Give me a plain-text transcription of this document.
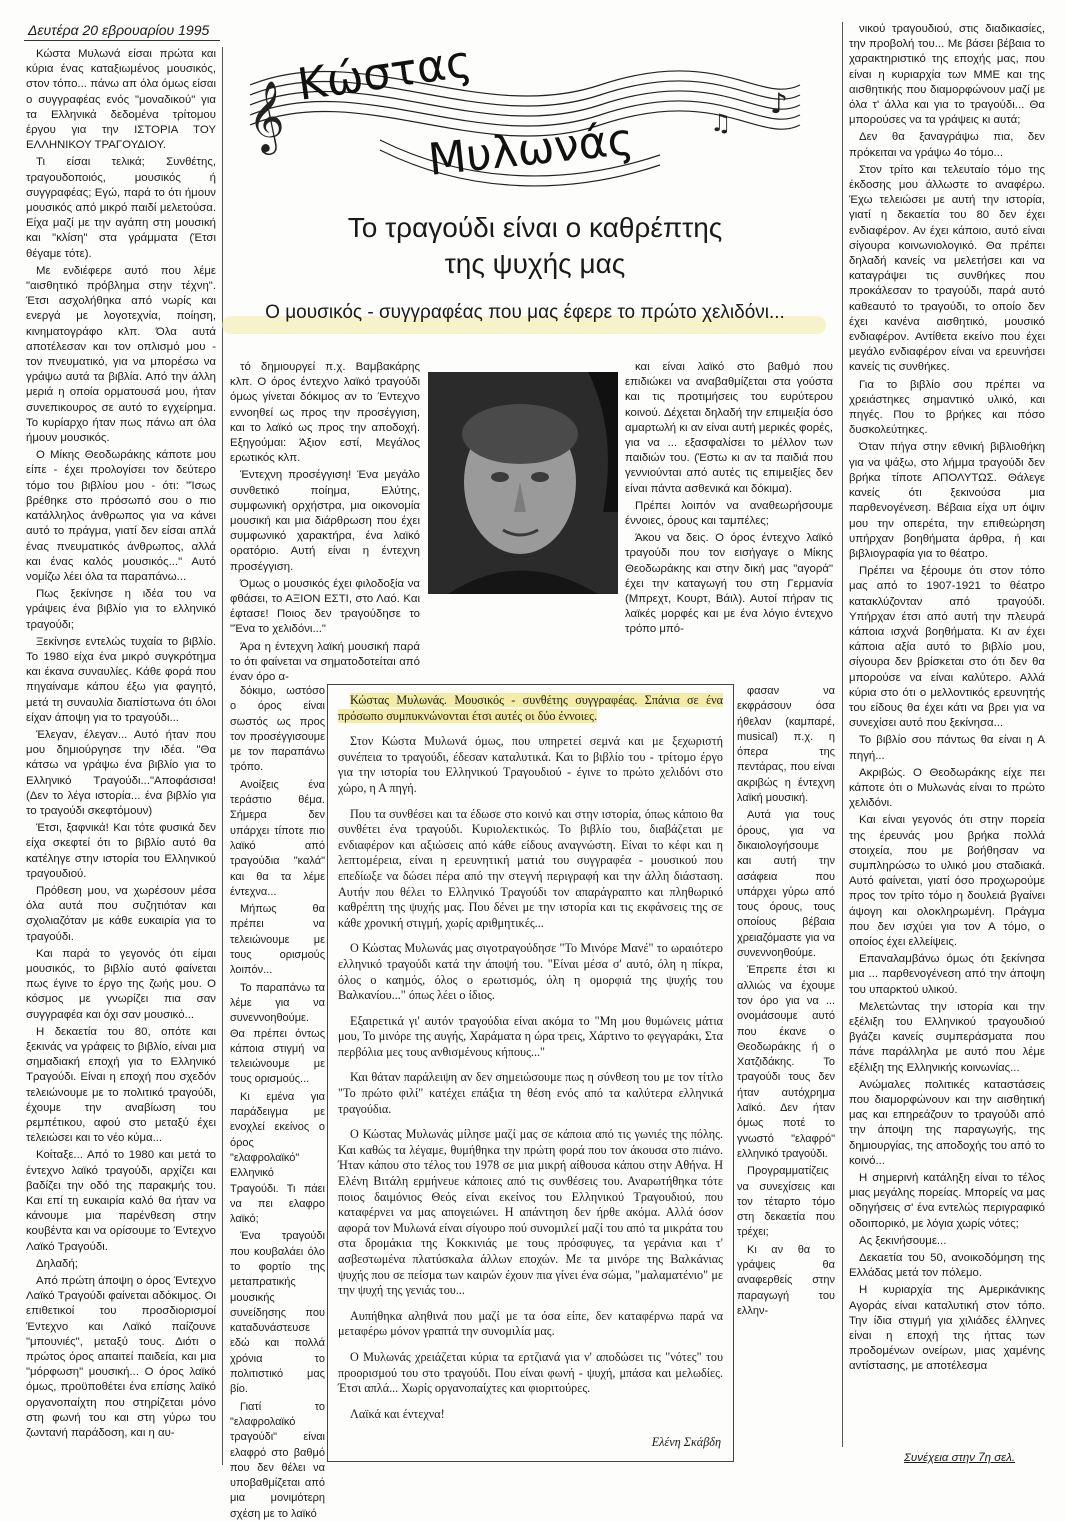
Δευτέρα 20 εβρουαρίου 1995

Κώστα Μυλωνά είσαι πρώτα και κύρια ένας καταξιωμένος μουσικός, στον τόπο... πάνω απ όλα όμως είσαι ο συγγραφέας ενός "μοναδικού" για τα Ελληνικά δεδομένα τρίτομου έργου για την ΙΣΤΟΡΙΑ ΤΟΥ ΕΛΛΗΝΙΚΟΥ ΤΡΑΓΟΥΔΙΟΥ.

Τι είσαι τελικά; Συνθέτης, τραγουδοποιός, μουσικός ή συγγραφέας; Εγώ, παρά το ότι ήμουν μουσικός από μικρό παιδί μελετούσα. Είχα μαζί με την αγάπη στη μουσική και "κλίση" στα γράμματα (Έτσι θέγαμε τότε).

Με ενδιέφερε αυτό που λέμε "αισθητικό πρόβλημα στην τέχνη". Έτσι ασχολήθηκα από νωρίς και ενεργά με λογοτεχνία, ποίηση, κινηματογράφο κλπ. Όλα αυτά αποτέλεσαν και τον οπλισμό μου - τον πνευματικό, για να μπορέσω να γράψω αυτά τα βιβλία. Από την άλλη μεριά η οποία ορματουσά μου, ήταν συνεπικουρος σε αυτό το εγχείρημα. Το κυρίαρχο ήταν πως πάνω απ όλα ήμουν μουσικός.

Ο Μίκης Θεοδωράκης κάποτε μου είπε - έχει προλογίσει τον δεύτερο τόμο του βιβλίου μου - ότι: "Ίσως βρέθηκε στο πρόσωπό σου ο πιο κατάλληλος άνθρωπος για να κάνει αυτό το πράγμα, γιατί δεν είσαι απλά ένας πνευματικός άνθρωπος, αλλά και ένας καλός μουσικός..." Αυτό νομίζω λέει όλα τα παραπάνω...

Πως ξεκίνησε η ιδέα του να γράψεις ένα βιβλίο για το ελληνικό τραγούδι;

Ξεκίνησε εντελώς τυχαία το βιβλίο. Το 1980 είχα ένα μικρό συγκρότημα και έκανα συναυλίες. Κάθε φορά που πηγαίναμε κάπου έξω για φαγητό, μετά τη συναυλία διαπίστωνα ότι όλοι είχαν άποψη για το τραγούδι...

Έλεγαν, έλεγαν... Αυτό ήταν που μου δημιούργησε την ιδέα. "Θα κάτσω να γράψω ένα βιβλίο για το Ελληνικό Τραγούδι..."Αποφάσισα! (Δεν το λέγα ιστορία... ένα βιβλίο για το τραγούδι σκεφτόμουν)

Έτσι, ξαφνικά! Και τότε φυσικά δεν είχα σκεφτεί ότι το βιβλίο αυτό θα κατέληγε στην ιστορία του Ελληνικού τραγουδιού.

Πρόθεση μου, να χωρέσουν μέσα όλα αυτά που συζητιόταν και σχολιαζόταν με κάθε ευκαιρία για το τραγούδι.

Και παρά το γεγονός ότι είμαι μουσικός, το βιβλίο αυτό φαίνεται πως έγινε το έργο της ζωής μου. Ο κόσμος με γνωρίζει πια σαν συγγραφέα και όχι σαν μουσικό...

Η δεκαετία του 80, οπότε και ξεκινάς να γράφεις το βιβλίο, είναι μια σημαδιακή εποχή για το Ελληνικό Τραγούδι. Είναι η εποχή που σχεδόν τελειώνουμε με το πολιτικό τραγούδι, έχουμε την αναβίωση του ρεμπέτικου, αφού στο μεταξύ έχει τελειώσει και το νέο κύμα...

Κοίταξε... Από το 1980 και μετά το έντεχνο λαϊκό τραγούδι, αρχίζει και βαδίζει την οδό της παρακμής του. Και επί τη ευκαιρία καλό θα ήταν να κάνουμε μια παρένθεση στην κουβέντα και να ορίσουμε το Έντεχνο Λαϊκό Τραγούδι.

Δηλαδή;

Από πρώτη άποψη ο όρος Έντεχνο Λαϊκό Τραγούδι φαίνεται αδόκιμος. Οι επιθετικοί του προσδιορισμοί Έντεχνο και Λαϊκό παίζουνε "μπουνιές", μεταξύ τους. Διότι ο πρώτος όρος απαιτεί παιδεία, και μια "μόρφωση" μουσική... Ο όρος λαϊκό όμως, προϋποθέτει ένα επίσης λαϊκό οργανοπαίχτη που στηρίζεται μόνο στη φωνή του και στη γύρω του ζωντανή παράδοση, και η αυ-

𝄞	♪
♫
Κώστας
Μυλωνάς
Το τραγούδι είναι ο καθρέπτης
της ψυχής μας
Ο μουσικός - συγγραφέας που μας έφερε το πρώτο χελιδόνι...

τό δημιουργεί π.χ. Βαμβακάρης κλπ. Ο όρος έντεχνο λαϊκό τραγούδι όμως γίνεται δόκιμος αν το Έντεχνο εννοηθεί ως προς την προσέγγιση, και το λαϊκό ως προς την αποδοχή. Εξηγούμαι: Άξιον εστί, Μεγάλος ερωτικός κλπ.

Έντεχνη προσέγγιση! Ένα μεγάλο συνθετικό ποίημα, Ελύτης, συμφωνική ορχήστρα, μια οικονομία μουσική και μια διάρθρωση που έχει συμφωνικό χαρακτήρα, ένα λαϊκό ορατόριο. Αυτή είναι η έντεχνη προσέγγιση.

Όμως ο μουσικός έχει φιλοδοξία να φθάσει, το ΑΞΙΟΝ ΕΣΤΙ, στο Λαό. Και έφτασε! Ποιος δεν τραγούδησε το "Ένα το χελιδόνι..."

Άρα η έντεχνη λαϊκή μουσική παρά το ότι φαίνεται να σηματοδοτείται από έναν όρο α-

και είναι λαϊκό στο βαθμό που επιδιώκει να αναβαθμίζεται στα γούστα και τις προτιμήσεις του ευρύτερου κοινού. Δέχεται δηλαδή την επιμειξία όσο αμαρτωλή κι αν είναι αυτή μερικές φορές, για να ... εξασφαλίσει το μέλλον των παιδιών του. (Έστω κι αν τα παιδιά που γεννιούνται από αυτές τις επιμειξίες δεν είναι πάντα ασθενικά και δόκιμα).

Πρέπει λοιπόν να αναθεωρήσουμε έννοιες, όρους και ταμπέλες;

Άκου να δεις. Ο όρος έντεχνο λαϊκό τραγούδι που τον εισήγαγε ο Μίκης Θεοδωράκης και στην δική μας "αγορά" έχει την καταγωγή του στη Γερμανία (Μπρεχτ, Κουρτ, Βάιλ). Αυτοί πήραν τις λαϊκές μορφές και με ένα λόγιο έντεχνο τρόπο μπό-

δόκιμο, ωστόσο ο όρος είναι σωστός ως προς τον προσέγγισουμε με τον παραπάνω τρόπο.

Ανοίξεις ένα τεράστιο θέμα. Σήμερα δεν υπάρχει τίποτε πιο λαϊκό από τραγούδια "καλά" και θα τα λέμε έντεχνα...

Μήπως θα πρέπει να τελειώνουμε με τους ορισμούς λοιπόν...

Το παραπάνω τα λέμε για να συνεννοηθούμε. Θα πρέπει όντως κάποια στιγμή να τελειώνουμε με τους ορισμούς...

Κι εμένα για παράδειγμα με ενοχλεί εκείνος ο όρος "ελαφρολαϊκό" Ελληνικό Τραγούδι. Τι πάει να πει ελαφρο λαϊκό;

Ένα τραγούδι που κουβαλάει όλο το φορτίο της μεταπρατικής μουσικής συνείδησης που καταδυνάστευσε εδώ και πολλά χρόνια το πολιτιστικό μας βίο.

Γιατί το "ελαφρολαϊκό τραγούδι" είναι ελαφρό στο βαθμό που δεν θέλει να υποβαθμίζεται από μια μονιμότερη σχέση με το λαϊκό

Κώστας Μυλωνάς. Μουσικός - συνθέτης συγγραφέας. Σπάνια σε ένα πρόσωπο συμπυκνώνονται έτσι αυτές οι δύο έννοιες.

Στον Κώστα Μυλωνά όμως, που υπηρετεί σεμνά και με ξεχωριστή συνέπεια το τραγούδι, έδεσαν καταλυτικά. Και το βιβλίο του - τρίτομο έργο για την ιστορία του Ελληνικού Τραγουδιού - έγινε το πρώτο χελιδόνι στο χώρο, η Α πηγή.

Που τα συνθέσει και τα έδωσε στο κοινό και στην ιστορία, όπως κάποιο θα συνθέτει ένα τραγούδι. Κυριολεκτικώς. Το βιβλίο του, διαβάζεται με ενδιαφέρον και αξιώσεις από κάθε είδους αναγνώστη. Είναι το κέφι και η λεπτομέρεια, είναι η ερευνητική ματιά του συγγραφέα - μουσικού που επεδίωξε να δώσει πέρα από την στεγνή περιγραφή και την άλλη διάσταση. Αυτήν που θέλει το Ελληνικό Τραγούδι τον απαράγραπτο και πληθωρικό καθρέπτη της ψυχής μας. Που δένει με την ιστορία και τις εκφάνσεις της σε κάθε χρονική στιγμή, χωρίς αριθμητικές...

Ο Κώστας Μυλωνάς μας σιγοτραγούδησε "Το Μινόρε Μανέ" το ωραιότερο ελληνικό τραγούδι κατά την άποψή του. "Είναι μέσα σ' αυτό, όλη η πίκρα, όλος ο καημός, όλος ο ερωτισμός, όλη η ομορφιά της ψυχής του Βαλκανίου..." όπως λέει ο ίδιος.

Εξαιρετικά γι' αυτόν τραγούδια είναι ακόμα το "Μη μου θυμώνεις μάτια μου, Το μινόρε της αυγής, Χαράματα η ώρα τρεις, Χάρτινο το φεγγαράκι, Στα περβόλια μες τους ανθισμένους κήπους..."

Και θάταν παράλειψη αν δεν σημειώσουμε πως η σύνθεση του με τον τίτλο "Το πρώτο φιλί" κατέχει επάξια τη θέση ενός από τα καλύτερα ελληνικά τραγούδια.

Ο Κώστας Μυλωνάς μίλησε μαζί μας σε κάποια από τις γωνιές της πόλης. Και καθώς τα λέγαμε, θυμήθηκα την πρώτη φορά που τον άκουσα στο πιάνο. Ήταν κάπου στο τέλος του 1978 σε μια μικρή αίθουσα κάπου στην Αθήνα. Η Ελένη Βιτάλη ερμήνευε κάποιες από τις συνθέσεις του. Αναρωτήθηκα τότε ποιος δαιμόνιος Θεός είναι εκείνος του Ελληνικού Τραγουδιού, που καταφέρνει να μας απογειώνει. Η απάντηση δεν ήρθε ακόμα. Αλλά όσον αφορά τον Μυλωνά είναι σίγουρο πού συνομιλεί μαζί του από τα μικράτα του στα δρομάκια της Κοκκινιάς με τους πρόσφυγες, τα γεράνια και τ' ασβεστωμένα πλατύσκαλα άλλων εποχών. Με τα μινόρε της Βαλκάνιας ψυχής που σε πείσμα των καιρών έχουν πια γίνει ένα σώμα, "μαλαματένιο" με την ψυχή της γενιάς του...

Αυπήθηκα αληθινά που μαζί με τα όσα είπε, δεν καταφέρνω παρά να μεταφέρω μόνον γραπτά την συνομιλία μας.

Ο Μυλωνάς χρειάζεται κύρια τα ερτζιανά για ν' αποδώσει τις "νότες" του προορισμού του στο τραγούδι. Που είναι φωνή - ψυχή, μπάσα και μελωδίες. Έτσι απλά... Χωρίς οργανοπαίχτες και φιοριτούρες.

Λαϊκά και έντεχνα!

Ελένη Σκάβδη

φασαν να εκφράσουν όσα ήθελαν (καμπαρέ, musical) π.χ. η όπερα της πεντάρας, που είναι ακριβώς η έντεχνη λαϊκή μουσική.

Αυτά για τους όρους, για να δικαιολογήσουμε και αυτή την ασάφεια που υπάρχει γύρω από τους όρους, τους οποίους βέβαια χρειαζόμαστε για να συνεννοηθούμε.

Έπρεπε έτσι κι αλλιώς να έχουμε τον όρο για να ... ονομάσουμε αυτό που έκανε ο Θεοδωράκης ή ο Χατζιδάκης. Το τραγούδι τους δεν ήταν αυτόχρημα λαϊκό. Δεν ήταν όμως ποτέ το γνωστό "ελαφρό" ελληνικό τραγούδι.

Προγραμματίζεις να συνεχίσεις και τον τέταρτο τόμο στη δεκαετία που τρέχει;

Κι αν θα το γράψεις θα αναφερθείς στην παραγωγή του ελλην-

νικού τραγουδιού, στις διαδικασίες, την προβολή του... Με βάσει βέβαια το χαρακτηριστικό της εποχής μας, που είναι η κυριαρχία των ΜΜΕ και της αισθητικής που διαμορφώνουν μαζί με όλα τ' άλλα και για το τραγούδι... Θα μπορούσες να τα γράψεις κι αυτά;

Δεν θα ξαναγράψω πια, δεν πρόκειται να γράψω 4ο τόμο...

Στον τρίτο και τελευταίο τόμο της έκδοσης μου άλλωστε το αναφέρω. Έχω τελειώσει με αυτή την ιστορία, γιατί η δεκαετία του 80 δεν έχει ενδιαφέρον. Αν έχει κάποιο, αυτό είναι σίγουρα κοινωνιολογικό. Θα πρέπει δηλαδή κανείς να μελετήσει και να καταγράψει τις συνθήκες που προκάλεσαν το τραγούδι, παρά αυτό καθεαυτό το τραγούδι, το οποίο δεν έχει κανένα αισθητικό, μουσικό ενδιαφέρον. Αντίθετα εκείνο που έχει μεγάλο ενδιαφέρον είναι να ερευνήσει κανείς τις συνθήκες.

Για το βιβλίο σου πρέπει να χρειάστηκες σημαντικό υλικό, και πηγές. Που το βρήκες και πόσο δυσκολεύτηκες.

Όταν πήγα στην εθνική βιβλιοθήκη για να ψάξω, στο λήμμα τραγούδι δεν βρήκα τίποτε ΑΠΟΛΥΤΩΣ. Θάλεγε κανείς ότι ξεκινούσα μια παρθενογένεση. Βέβαια είχα υπ όψιν μου την οπερέτα, την επιθεώρηση υπήρχαν βοηθήματα άρθρα, ή και βιβλιογραφία για το θέατρο.

Πρέπει να ξέρουμε ότι στον τόπο μας από το 1907-1921 το θέατρο κατακλύζονταν από τραγούδι. Υπήρχαν έτσι από αυτή την πλευρά κάποια ισχνά βοηθήματα. Κι αν έχει κάποια αξία αυτό το βιβλίο μου, σίγουρα δεν βρίσκεται στο ότι δεν θα μπορούσε να είναι καλύτερο. Αλλά κύρια στο ότι ο μελλοντικός ερευνητής του είδους θα έχει κάτι να βρει για να συνεχίσει αυτό που ξεκίνησα...

Το βιβλίο σου πάντως θα είναι η Α πηγή...

Ακριβώς. Ο Θεοδωράκης είχε πει κάποτε ότι ο Μυλωνάς είναι το πρώτο χελιδόνι.

Και είναι γεγονός ότι στην πορεία της έρευνάς μου βρήκα πολλά στοιχεία, που με βοήθησαν να συμπληρώσω το υλικό μου σταδιακά. Αυτό φαίνεται, γιατί όσο προχωρούμε προς τον τρίτο τόμο η δουλειά βγαίνει άψογη και ολοκληρωμένη. Πράγμα που δεν ισχύει για τον Α τόμο, ο οποίος έχει ελλείψεις.

Επαναλαμβάνω όμως ότι ξεκίνησα μια ... παρθενογένεση από την άποψη του υπαρκτού υλικού.

Μελετώντας την ιστορία και την εξέλιξη του Ελληνικού τραγουδιού βγάζει κανείς συμπεράσματα που πάνε παράλληλα με αυτό που λέμε εξέλιξη της Ελληνικής κοινωνίας...

Ανώμαλες πολιτικές καταστάσεις που διαμορφώνουν και την αισθητική μας και επηρεάζουν το τραγούδι από την άποψη της παραγωγής, της δημιουργίας, της αποδοχής του από το κοινό...

Η σημερινή κατάληξη είναι το τέλος μιας μεγάλης πορείας. Μπορείς να μας οδηγήσεις σ' ένα εντελώς περιγραφικό οδοιπορικό, με λόγια χωρίς νότες;

Ας ξεκινήσουμε...

Δεκαετία του 50, ανοικοδόμηση της Ελλάδας μετά τον πόλεμο.

Η κυριαρχία της Αμερικάνικης Αγοράς είναι καταλυτική στον τόπο. Την ίδια στιγμή για χιλιάδες έλληνες είναι η εποχή της ήττας των προδομένων ονείρων, μιας χαμένης αντίστασης, με αποτέλεσμα

Συνέχεια στην 7η σελ.
